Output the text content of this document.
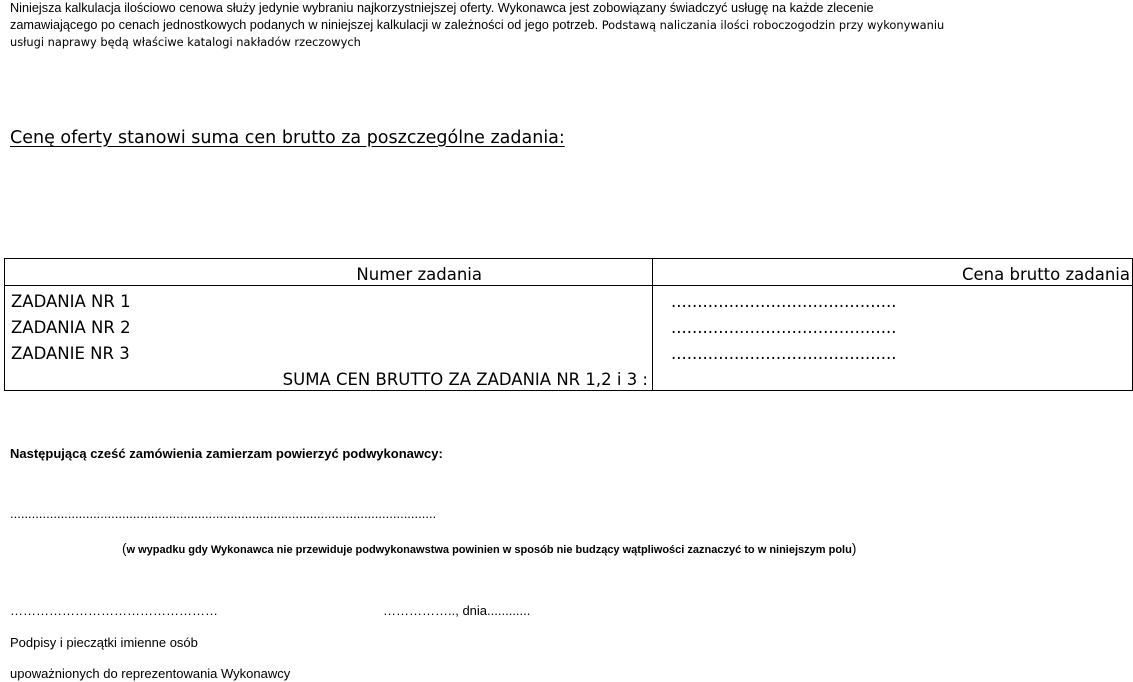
Niniejsza kalkulacja ilościowo cenowa służy jedynie wybraniu najkorzystniejszej oferty. Wykonawca jest zobowiązany świadczyć usługę na każde zlecenie zamawiającego po cenach jednostkowych podanych w niniejszej kalkulacji w zależności od jego potrzeb. Podstawą naliczania ilości roboczogodzin przy wykonywaniu usługi naprawy będą właściwe katalogi nakładów rzeczowych
Cenę oferty stanowi suma cen brutto za poszczególne zadania:
Numer zadania	Cena brutto zadania
ZADANIA NR 1	...........................................
ZADANIA NR 2	...........................................
ZADANIE NR 3	...........................................
SUMA CEN BRUTTO ZA ZADANIA NR 1,2 i 3 :	
Następującą cześć zamówienia zamierzam powierzyć podwykonawcy:
......................................................................................................................
(w wypadku gdy Wykonawca nie przewiduje podwykonawstwa powinien w sposób nie budzący wątpliwości zaznaczyć to w niniejszym polu)
…………………………………………	…………….., dnia............
Podpisy i pieczątki imienne osób
upoważnionych do reprezentowania Wykonawcy
